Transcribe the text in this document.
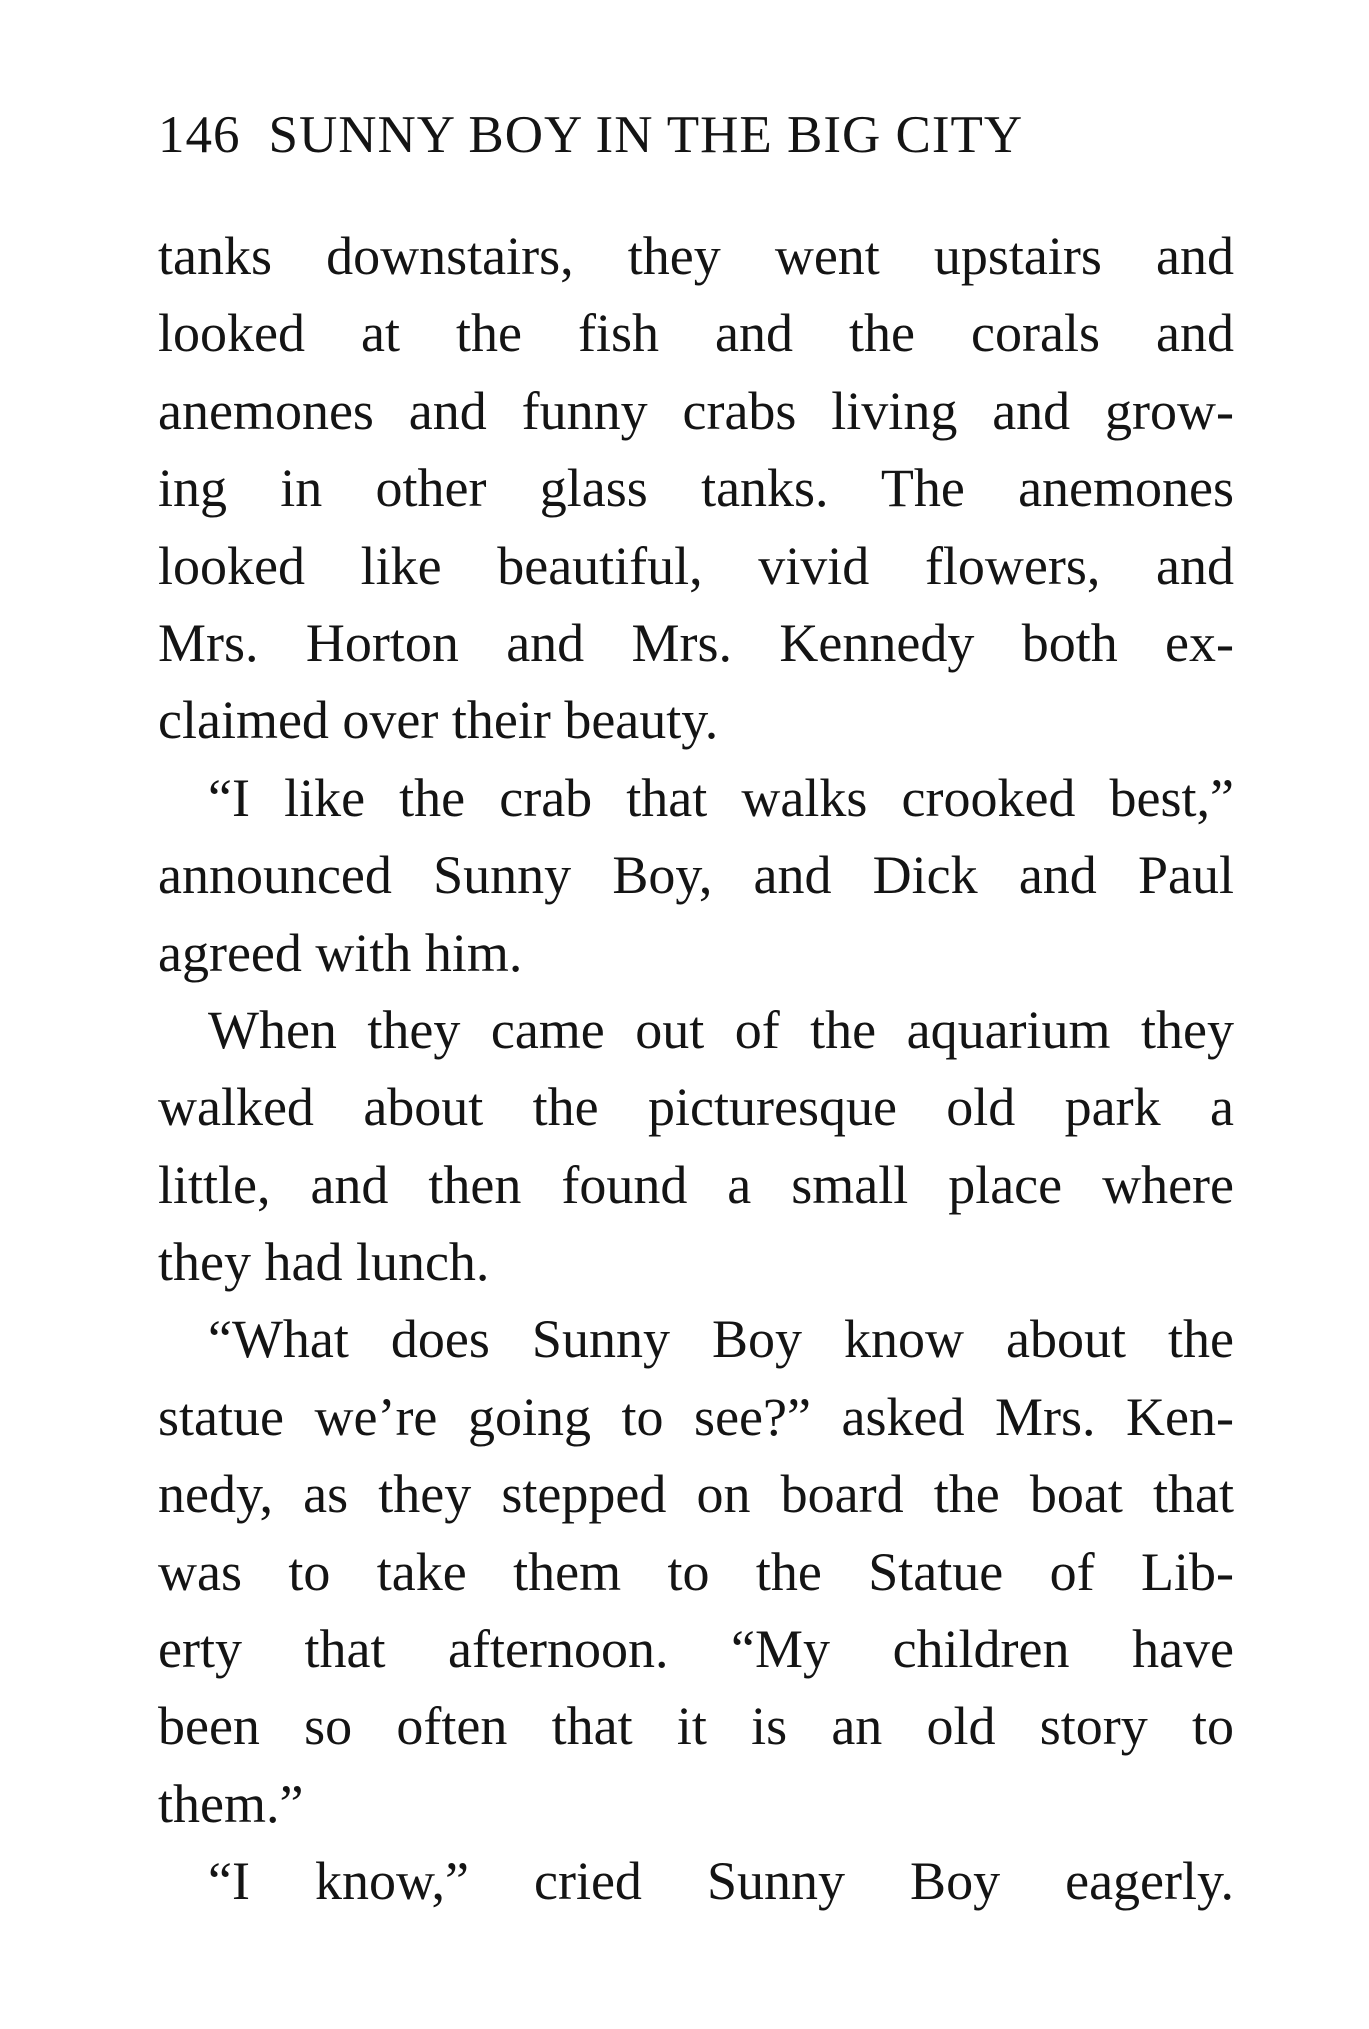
146 SUNNY BOY IN THE BIG CITY
tanks downstairs, they went upstairs and
looked at the fish and the corals and
anemones and funny crabs living and grow-
ing in other glass tanks. The anemones
looked like beautiful, vivid flowers, and
Mrs. Horton and Mrs. Kennedy both ex-
claimed over their beauty.
“I like the crab that walks crooked best,”
announced Sunny Boy, and Dick and Paul
agreed with him.
When they came out of the aquarium they
walked about the picturesque old park a
little, and then found a small place where
they had lunch.
“What does Sunny Boy know about the
statue we’re going to see?” asked Mrs. Ken-
nedy, as they stepped on board the boat that
was to take them to the Statue of Lib-
erty that afternoon. “My children have
been so often that it is an old story to
them.”
“I know,” cried Sunny Boy eagerly.
